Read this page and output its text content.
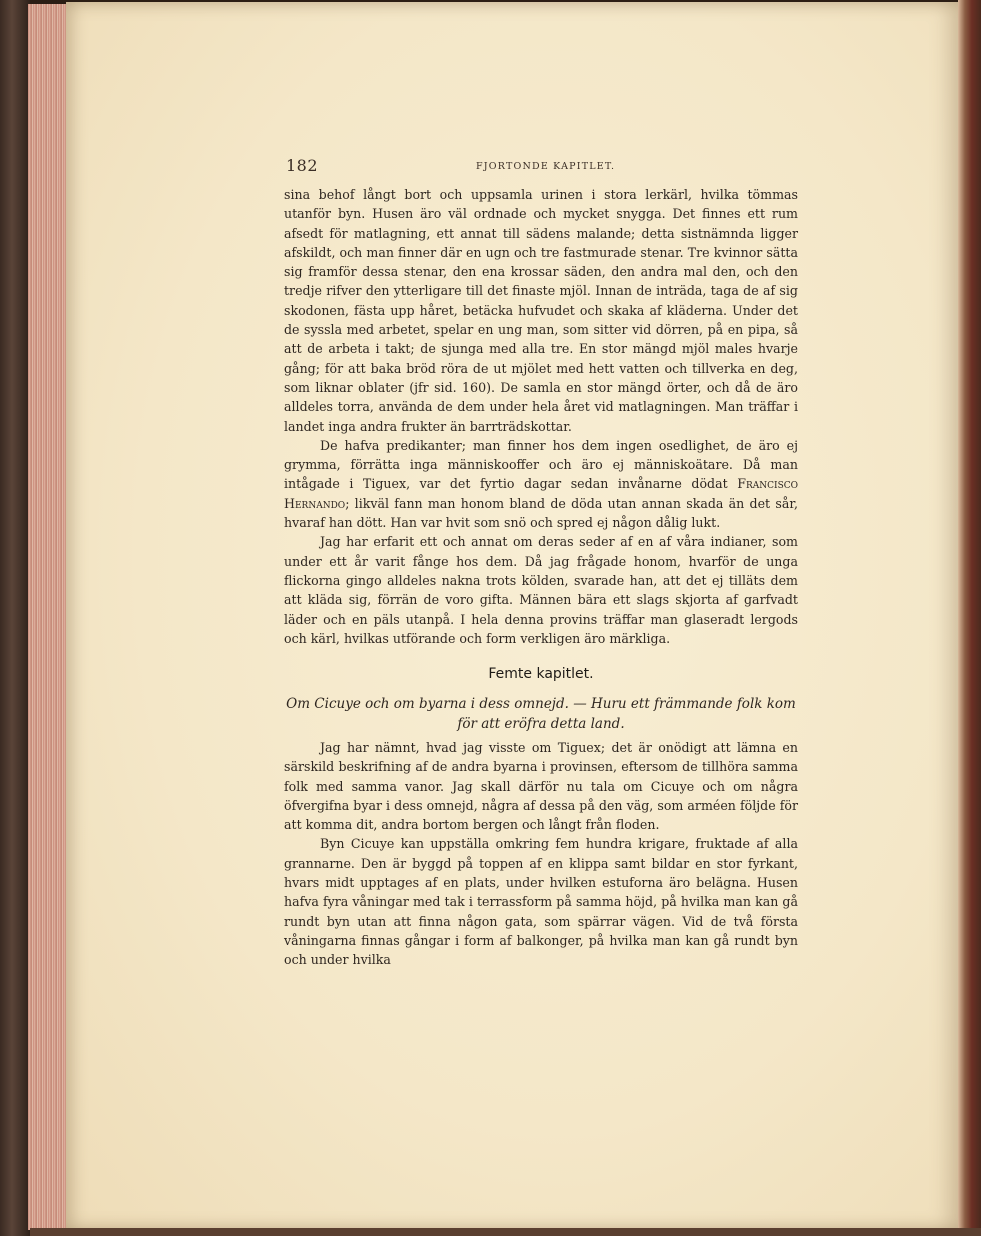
182	FJORTONDE KAPITLET.

sina behof långt bort och uppsamla urinen i stora lerkärl, hvilka tömmas utanför byn. Husen äro väl ordnade och mycket snygga. Det finnes ett rum afsedt för matlagning, ett annat till sädens malande; detta sistnämnda ligger afskildt, och man finner där en ugn och tre fastmurade stenar. Tre kvinnor sätta sig framför dessa stenar, den ena krossar säden, den andra mal den, och den tredje rifver den ytterligare till det finaste mjöl. Innan de inträda, taga de af sig skodonen, fästa upp håret, betäcka hufvudet och skaka af kläderna. Under det de syssla med arbetet, spelar en ung man, som sitter vid dörren, på en pipa, så att de arbeta i takt; de sjunga med alla tre. En stor mängd mjöl males hvarje gång; för att baka bröd röra de ut mjölet med hett vatten och tillverka en deg, som liknar oblater (jfr sid. 160). De samla en stor mängd örter, och då de äro alldeles torra, använda de dem under hela året vid matlagningen. Man träffar i landet inga andra frukter än barrträdskottar.

De hafva predikanter; man finner hos dem ingen osedlighet, de äro ej grymma, förrätta inga människooffer och äro ej människoätare. Då man intågade i Tiguex, var det fyrtio dagar sedan invånarne dödat Francisco Hernando; likväl fann man honom bland de döda utan annan skada än det sår, hvaraf han dött. Han var hvit som snö och spred ej någon dålig lukt.

Jag har erfarit ett och annat om deras seder af en af våra indianer, som under ett år varit fånge hos dem. Då jag frågade honom, hvarför de unga flickorna gingo alldeles nakna trots kölden, svarade han, att det ej tilläts dem att kläda sig, förrän de voro gifta. Männen bära ett slags skjorta af garfvadt läder och en päls utanpå. I hela denna provins träffar man glaseradt lergods och kärl, hvilkas utförande och form verkligen äro märkliga.

Femte kapitlet.
Om Cicuye och om byarna i dess omnejd. — Huru ett främmande folk kom för att eröfra detta land.

Jag har nämnt, hvad jag visste om Tiguex; det är onödigt att lämna en särskild beskrifning af de andra byarna i provinsen, eftersom de tillhöra samma folk med samma vanor. Jag skall därför nu tala om Cicuye och om några öfvergifna byar i dess omnejd, några af dessa på den väg, som arméen följde för att komma dit, andra bortom bergen och långt från floden.

Byn Cicuye kan uppställa omkring fem hundra krigare, fruktade af alla grannarne. Den är byggd på toppen af en klippa samt bildar en stor fyrkant, hvars midt upptages af en plats, under hvilken estuforna äro belägna. Husen hafva fyra våningar med tak i terrassform på samma höjd, på hvilka man kan gå rundt byn utan att finna någon gata, som spärrar vägen. Vid de två första våningarna finnas gångar i form af balkonger, på hvilka man kan gå rundt byn och under hvilka
